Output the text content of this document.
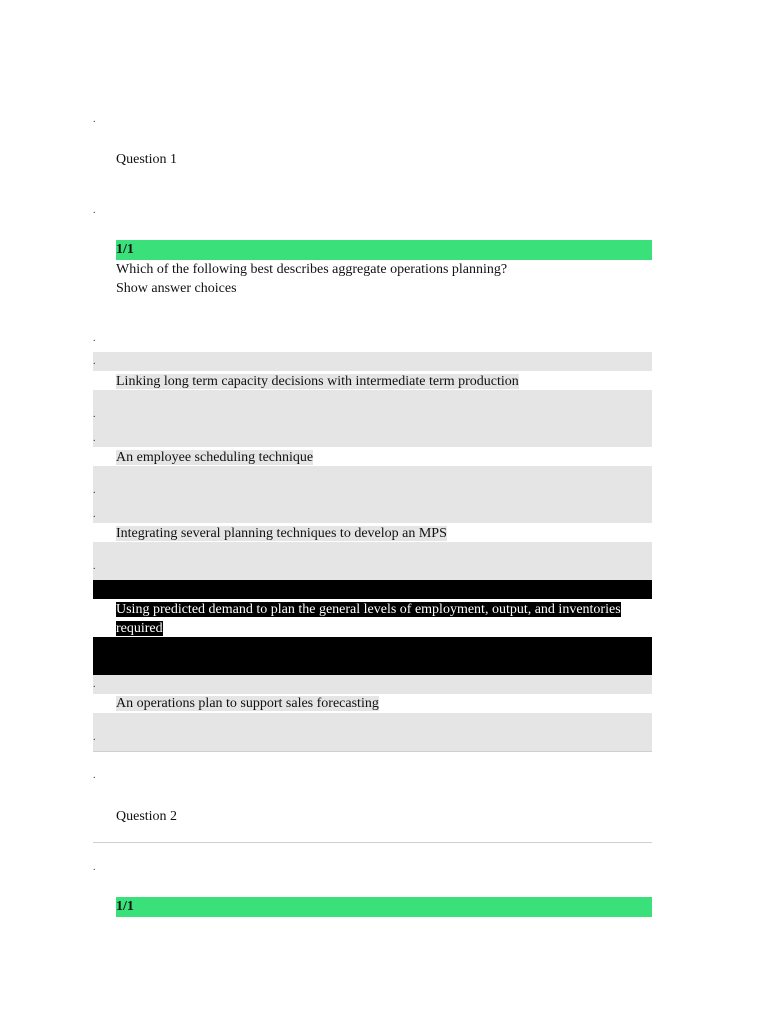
.
Question 1
.
1/1
Which of the following best describes aggregate operations planning?
Show answer choices
.
.
Linking long term capacity decisions with intermediate term production
.
.
An employee scheduling technique
.
.
Integrating several planning techniques to develop an MPS
.
Using predicted demand to plan the general levels of employment, output, and inventories
required
.
An operations plan to support sales forecasting
.
.
Question 2
.
1/1
